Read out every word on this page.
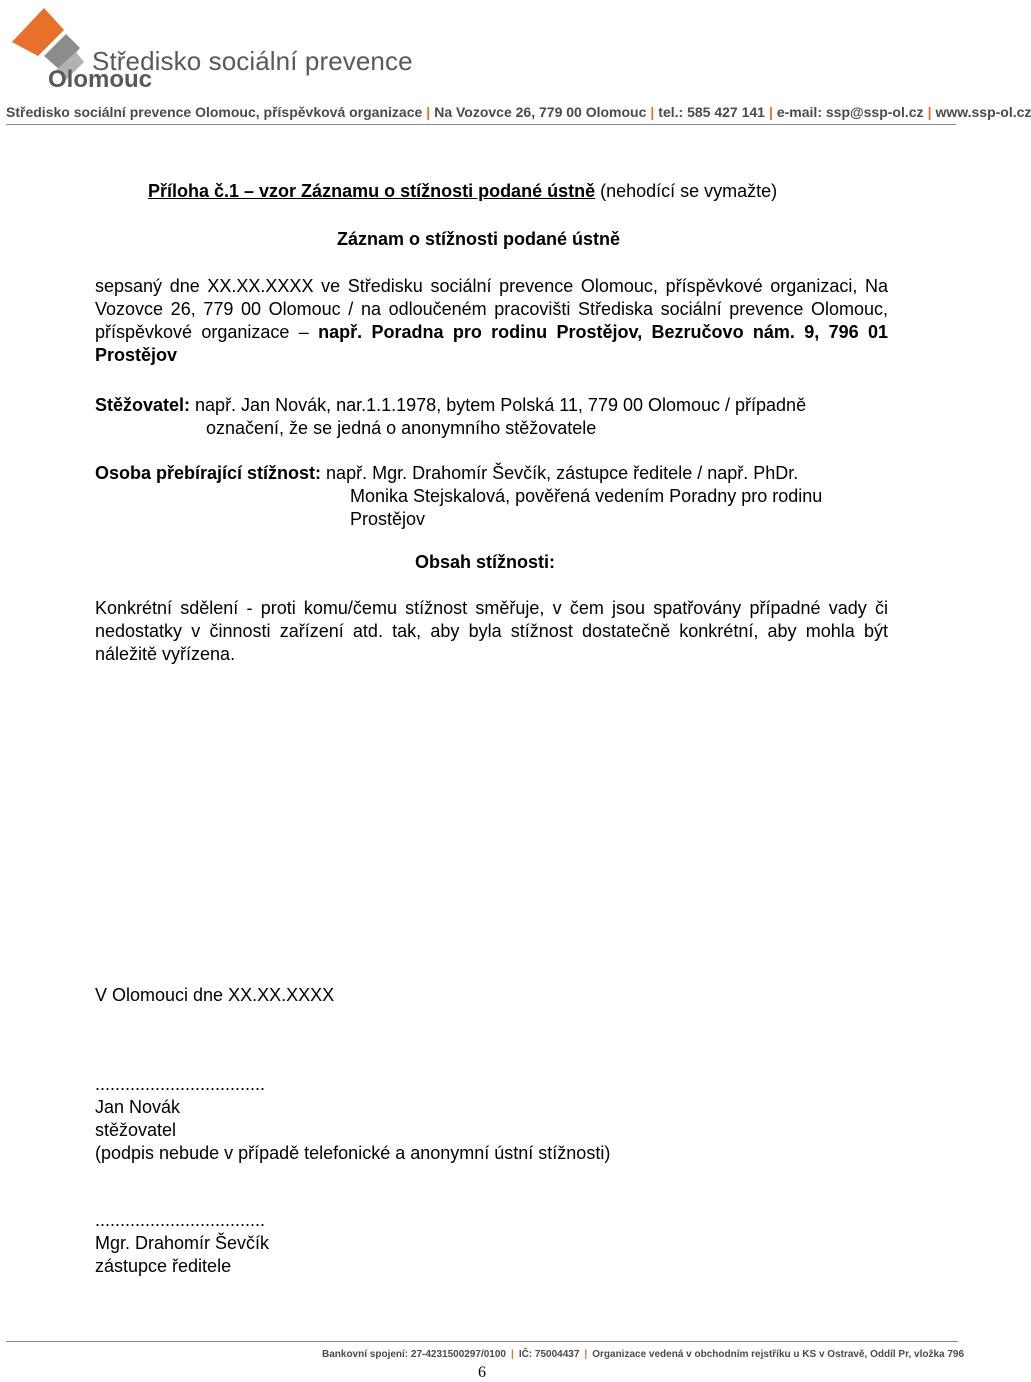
Středisko sociální prevence
Olomouc
Středisko sociální prevence Olomouc, příspěvková organizace | Na Vozovce 26, 779 00 Olomouc | tel.: 585 427 141 | e-mail: ssp@ssp-ol.cz | www.ssp-ol.cz
Příloha č.1 – vzor Záznamu o stížnosti podané ústně (nehodící se vymažte)
Záznam o stížnosti podané ústně
sepsaný dne XX.XX.XXXX ve Středisku sociální prevence Olomouc, příspěvkové organizaci, Na Vozovce 26, 779 00 Olomouc / na odloučeném pracovišti Střediska sociální prevence Olomouc, příspěvkové organizace – např. Poradna pro rodinu Prostějov, Bezručovo nám. 9, 796 01 Prostějov
Stěžovatel: např. Jan Novák, nar.1.1.1978, bytem Polská 11, 779 00 Olomouc / případně
označení, že se jedná o anonymního stěžovatele
Osoba přebírající stížnost: např. Mgr. Drahomír Ševčík, zástupce ředitele / např. PhDr.
Monika Stejskalová, pověřená vedením Poradny pro rodinu
Prostějov
Obsah stížnosti:
Konkrétní sdělení - proti komu/čemu stížnost směřuje, v čem jsou spatřovány případné vady či nedostatky v činnosti zařízení atd. tak, aby byla stížnost dostatečně konkrétní, aby mohla být náležitě vyřízena.
V Olomouci dne XX.XX.XXXX
..................................
Jan Novák
stěžovatel
(podpis nebude v případě telefonické a anonymní ústní stížnosti)
..................................
Mgr. Drahomír Ševčík
zástupce ředitele
Bankovní spojení: 27-4231500297/0100 | IČ: 75004437 | Organizace vedená v obchodním rejstříku u KS v Ostravě, Oddíl Pr, vložka 796
6
